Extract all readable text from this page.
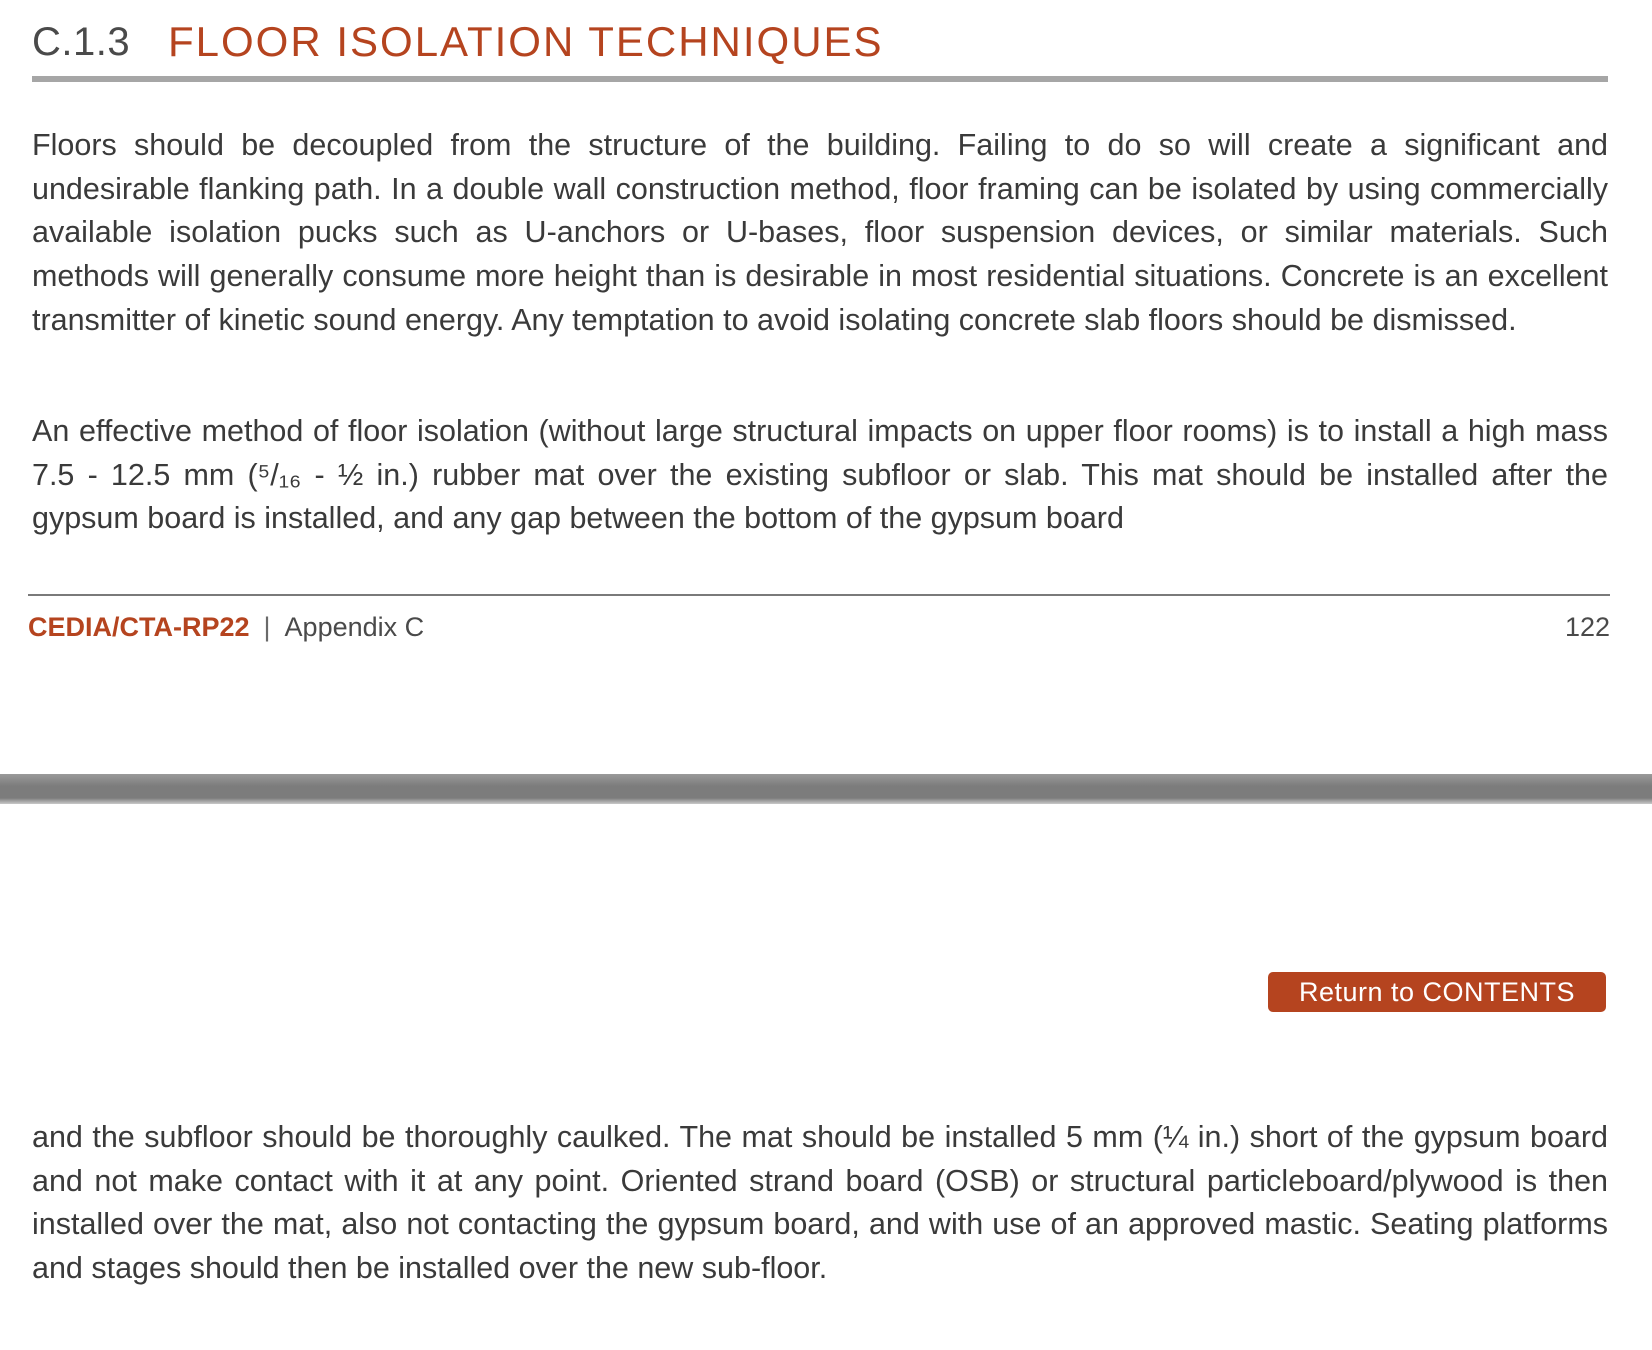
C.1.3 FLOOR ISOLATION TECHNIQUES

Floors should be decoupled from the structure of the building. Failing to do so will create a significant and undesirable flanking path. In a double wall construction method, floor framing can be isolated by using commercially available isolation pucks such as U-anchors or U-bases, floor suspension devices, or similar materials. Such methods will generally consume more height than is desirable in most residential situations. Concrete is an excellent transmitter of kinetic sound energy. Any temptation to avoid isolating concrete slab floors should be dismissed.

An effective method of floor isolation (without large structural impacts on upper floor rooms) is to install a high mass 7.5 - 12.5 mm (⁵/₁₆ - ½ in.) rubber mat over the existing subfloor or slab. This mat should be installed after the gypsum board is installed, and any gap between the bottom of the gypsum board

CEDIA/CTA-RP22 | Appendix C	122
Return to CONTENTS

and the subfloor should be thoroughly caulked. The mat should be installed 5 mm (¼ in.) short of the gypsum board and not make contact with it at any point. Oriented strand board (OSB) or structural particleboard/plywood is then installed over the mat, also not contacting the gypsum board, and with use of an approved mastic. Seating platforms and stages should then be installed over the new sub-floor.
